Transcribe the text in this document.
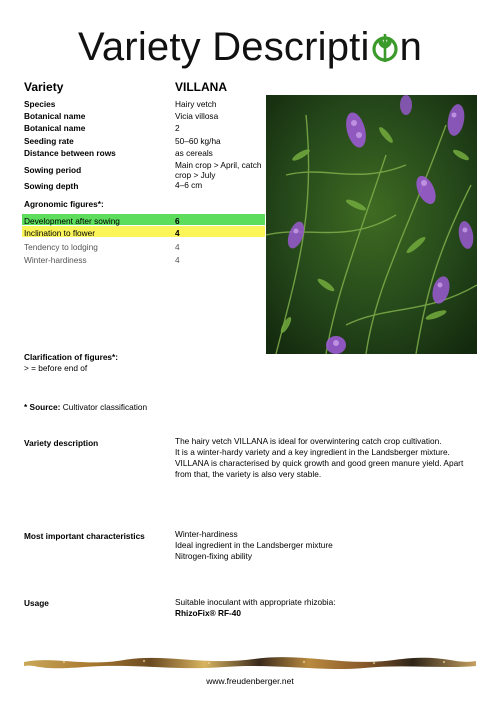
Variety Descripti n
Variety	VILLANA
Species	Hairy vetch
Botanical name	Vicia villosa
Botanical name	2
Seeding rate	50–60 kg/ha
Distance between rows	as cereals
Sowing period	Main crop > April, catch crop > July
Sowing depth	4–6 cm
Agronomic figures*:
Development after sowing	6
Inclination to flower	4
Tendency to lodging	4
Winter-hardiness	4
Clarification of figures*:
> = before end of
* Source: Cultivator classification
Variety description	The hairy vetch VILLANA is ideal for overwintering catch crop cultivation.
It is a winter-hardy variety and a key ingredient in the Landsberger mixture.
VILLANA is characterised by quick growth and good green manure yield. Apart
from that, the variety is also very stable.
Most important characteristics	Winter-hardiness
Ideal ingredient in the Landsberger mixture
Nitrogen-fixing ability
Usage	Suitable inoculant with appropriate rhizobia:
RhizoFix® RF-40
www.freudenberger.net
